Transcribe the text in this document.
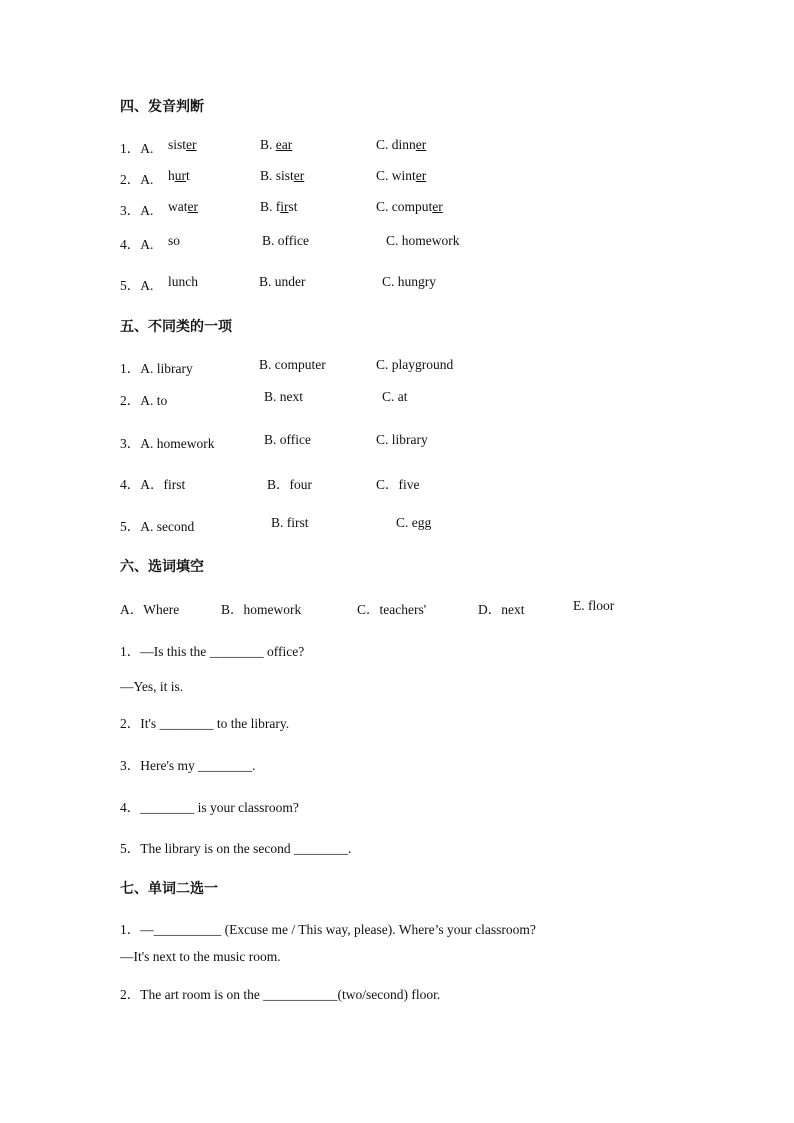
四、发音判断
1．A. sister	B. ear	C. dinner
2．A. hurt	B. sister	C. winter
3．A. water	B. first	C. computer
4．A. so	B. office	C. homework
5．A. lunch	B. under	C. hungry
五、不同类的一项
1．A. library	B. computer	C. playground
2．A. to	B. next	C. at
3．A. homework	B. office	C. library
4．A．first	B．four	C．five
5．A. second	B. first	C. egg
六、选词填空
A．Where	B．homework	C．teachers'	D．next	E. floor
1．—Is this the ________ office?
—Yes, it is.
2．It's ________ to the library.
3．Here's my ________.
4．________ is your classroom?
5．The library is on the second ________.
七、单词二选一
1．—__________ (Excuse me / This way, please). Where’s your classroom?
—It's next to the music room.
2．The art room is on the ___________(two/second) floor.
